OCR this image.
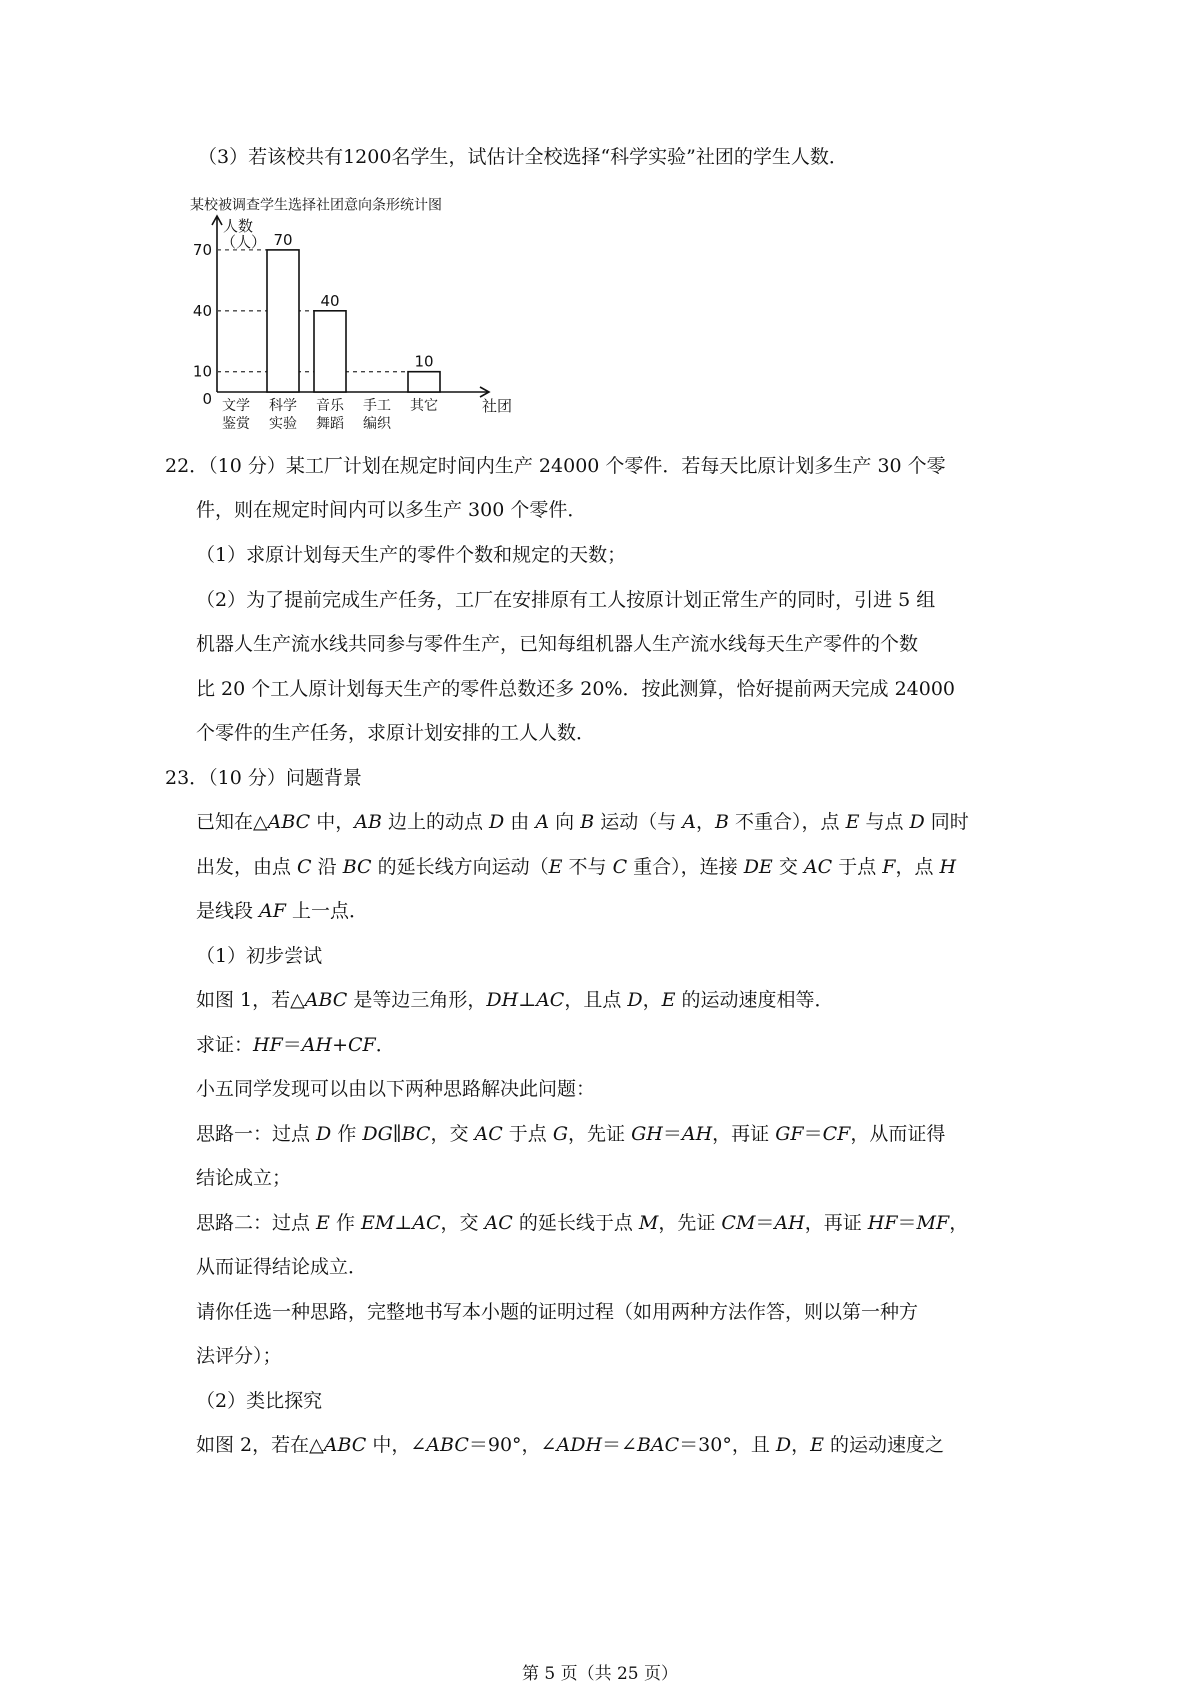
（3）若该校共有1200名学生，试估计全校选择“科学实验”社团的学生人数．
某校被调查学生选择社团意向条形统计图
人数
（人）
0
10
40
70
70
40
10
文学
鉴赏
科学
实验
音乐
舞蹈
手工
编织
其它	社团
22．（10 分）某工厂计划在规定时间内生产 24000 个零件．若每天比原计划多生产 30 个零
件，则在规定时间内可以多生产 300 个零件．
（1）求原计划每天生产的零件个数和规定的天数；
（2）为了提前完成生产任务，工厂在安排原有工人按原计划正常生产的同时，引进 5 组
机器人生产流水线共同参与零件生产，已知每组机器人生产流水线每天生产零件的个数
比 20 个工人原计划每天生产的零件总数还多 20%．按此测算，恰好提前两天完成 24000
个零件的生产任务，求原计划安排的工人人数．
23．（10 分）问题背景
已知在△ABC 中，AB 边上的动点 D 由 A 向 B 运动（与 A，B 不重合），点 E 与点 D 同时
出发，由点 C 沿 BC 的延长线方向运动（E 不与 C 重合），连接 DE 交 AC 于点 F，点 H
是线段 AF 上一点．
（1）初步尝试
如图 1，若△ABC 是等边三角形，DH⊥AC，且点 D，E 的运动速度相等．
求证：HF＝AH+CF．
小五同学发现可以由以下两种思路解决此问题：
思路一：过点 D 作 DG∥BC，交 AC 于点 G，先证 GH＝AH，再证 GF＝CF，从而证得
结论成立；
思路二：过点 E 作 EM⊥AC，交 AC 的延长线于点 M，先证 CM＝AH，再证 HF＝MF，
从而证得结论成立．
请你任选一种思路，完整地书写本小题的证明过程（如用两种方法作答，则以第一种方
法评分）；
（2）类比探究
如图 2，若在△ABC 中，∠ABC＝90°，∠ADH＝∠BAC＝30°，且 D，E 的运动速度之
第 5 页（共 25 页）
